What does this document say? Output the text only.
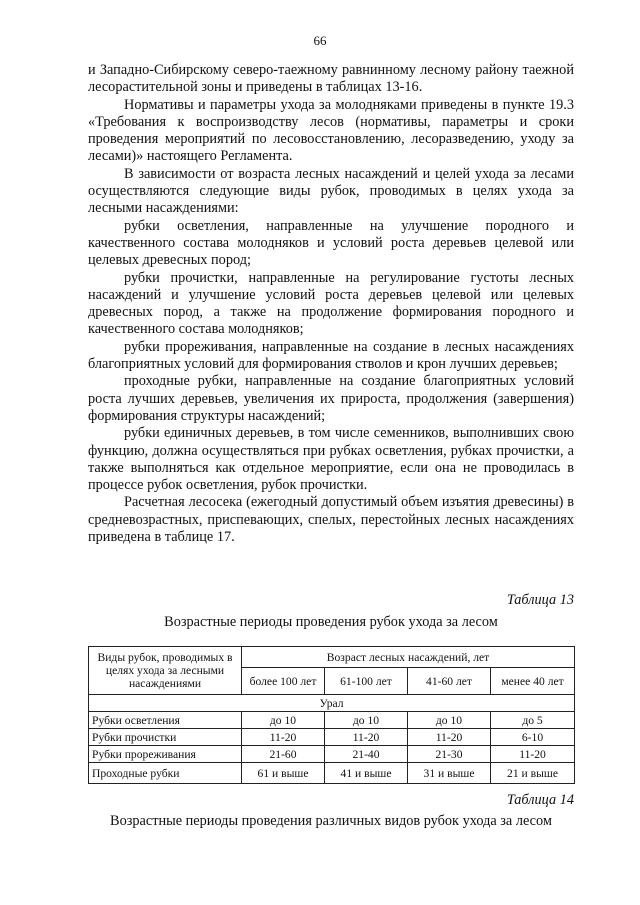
66

и Западно-Сибирскому северо-таежному равнинному лесному району таежной лесорастительной зоны и приведены в таблицах 13-16.

Нормативы и параметры ухода за молодняками приведены в пункте 19.3 «Требования к воспроизводству лесов (нормативы, параметры и сроки проведения мероприятий по лесовосстановлению, лесоразведению, уходу за лесами)» настоящего Регламента.

В зависимости от возраста лесных насаждений и целей ухода за лесами осуществляются следующие виды рубок, проводимых в целях ухода за лесными насаждениями:

рубки осветления, направленные на улучшение породного и качественного состава молодняков и условий роста деревьев целевой или целевых древесных пород;

рубки прочистки, направленные на регулирование густоты лесных насаждений и улучшение условий роста деревьев целевой или целевых древесных пород, а также на продолжение формирования породного и качественного состава молодняков;

рубки прореживания, направленные на создание в лесных насаждениях благоприятных условий для формирования стволов и крон лучших деревьев;

проходные рубки, направленные на создание благоприятных условий роста лучших деревьев, увеличения их прироста, продолжения (завершения) формирования структуры насаждений;

рубки единичных деревьев, в том числе семенников, выполнивших свою функцию, должна осуществляться при рубках осветления, рубках прочистки, а также выполняться как отдельное мероприятие, если она не проводилась в процессе рубок осветления, рубок прочистки.

Расчетная лесосека (ежегодный допустимый объем изъятия древесины) в средневозрастных, приспевающих, спелых, перестойных лесных насаждениях приведена в таблице 17.

Таблица 13
Возрастные периоды проведения рубок ухода за лесом
Виды рубок, проводимых в целях ухода за лесными насаждениями	Возраст лесных насаждений, лет			
	более 100 лет	61-100 лет	41-60 лет	менее 40 лет
Урал				
Рубки осветления	до 10	до 10	до 10	до 5
Рубки прочистки	11-20	11-20	11-20	6-10
Рубки прореживания	21-60	21-40	21-30	11-20
Проходные рубки	61 и выше	41 и выше	31 и выше	21 и выше
Таблица 14
Возрастные периоды проведения различных видов рубок ухода за лесом
